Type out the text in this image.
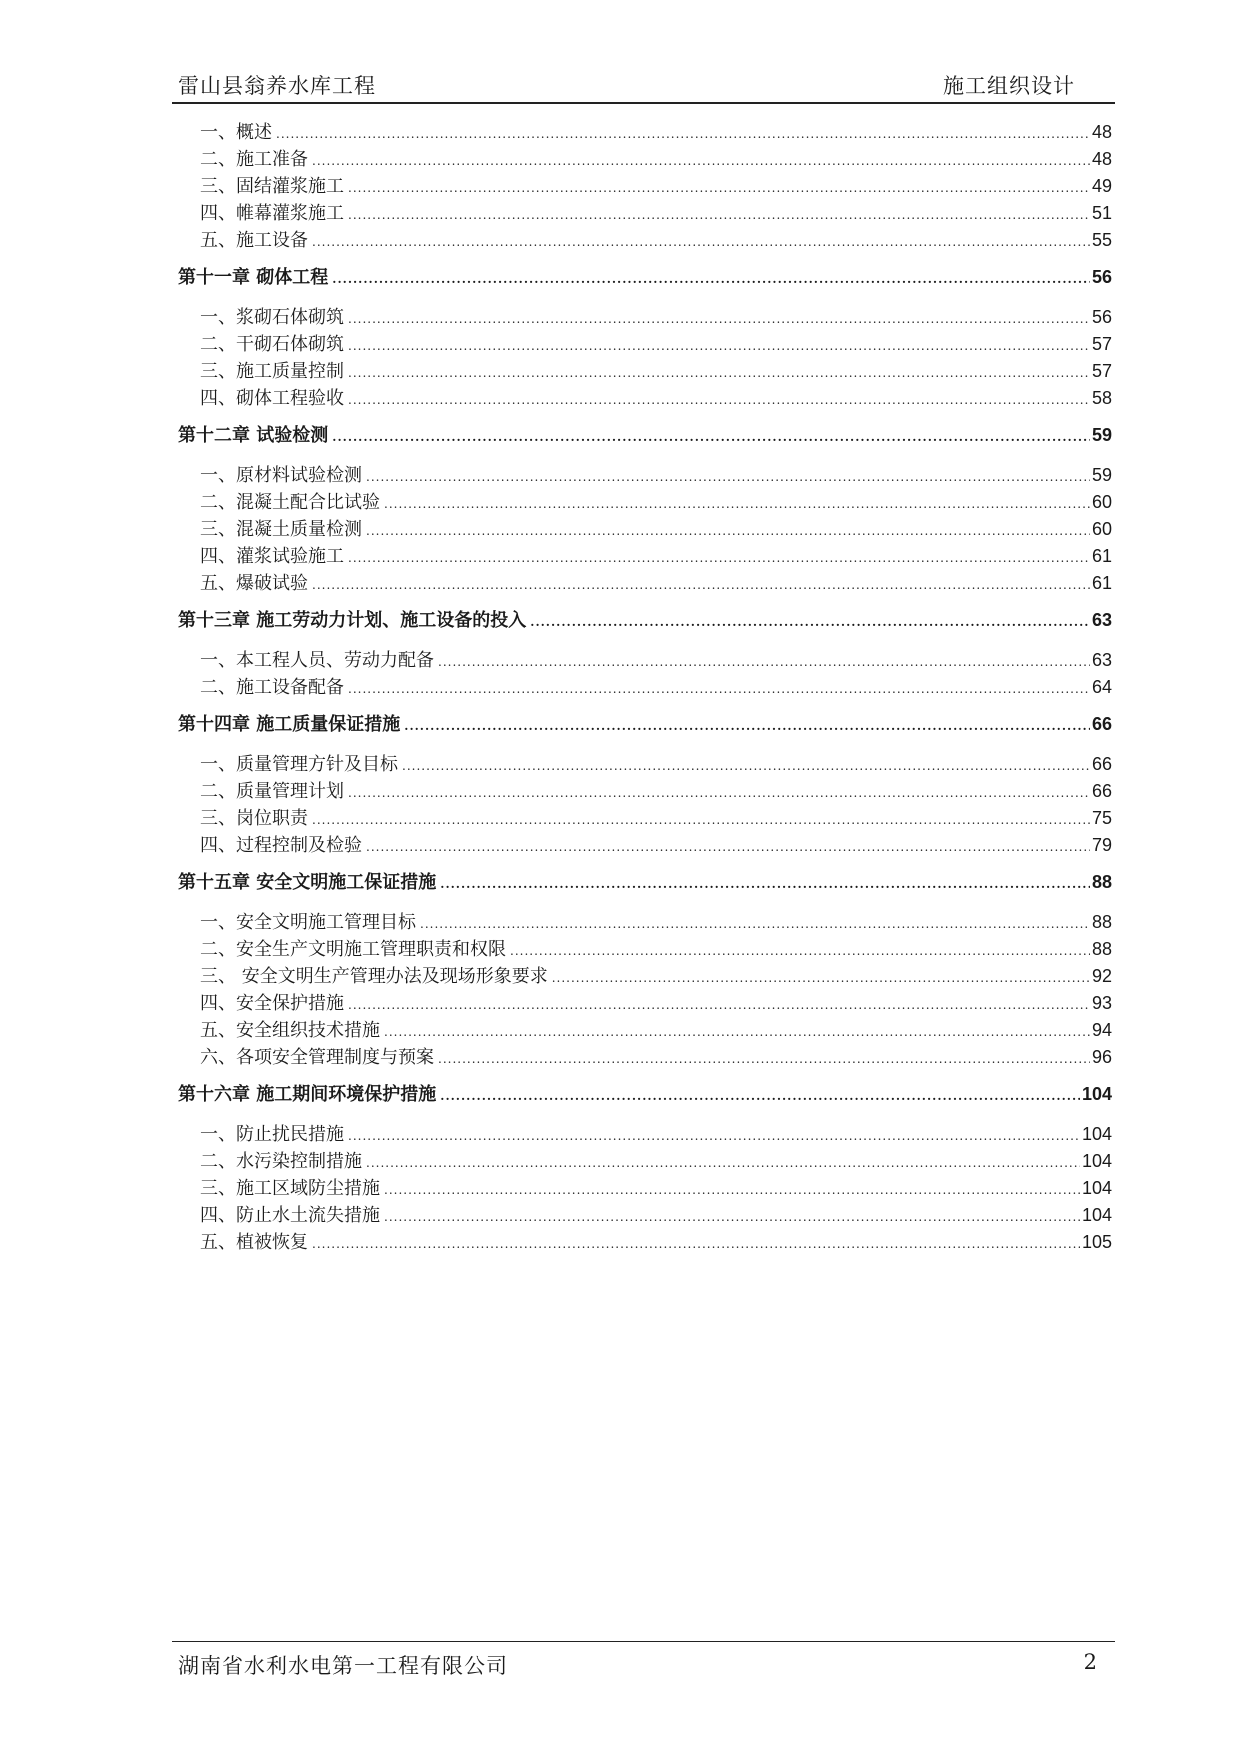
雷山县翁养水库工程	施工组织设计
一、概述 .....	48
二、施工准备 .....	48
三、固结灌浆施工 .....	49
四、帷幕灌浆施工 .....	51
五、施工设备 .....	55
第十一章 砌体工程 .....	56
一、浆砌石体砌筑 .....	56
二、干砌石体砌筑 .....	57
三、施工质量控制 .....	57
四、砌体工程验收 .....	58
第十二章 试验检测 .....	59
一、原材料试验检测 .....	59
二、混凝土配合比试验 .....	60
三、混凝土质量检测 .....	60
四、灌浆试验施工 .....	61
五、爆破试验 .....	61
第十三章 施工劳动力计划、施工设备的投入 .....	63
一、本工程人员、劳动力配备 .....	63
二、施工设备配备 .....	64
第十四章 施工质量保证措施 .....	66
一、质量管理方针及目标 .....	66
二、质量管理计划 .....	66
三、岗位职责 .....	75
四、过程控制及检验 .....	79
第十五章 安全文明施工保证措施 .....	88
一、安全文明施工管理目标 .....	88
二、安全生产文明施工管理职责和权限 .....	88
三、 安全文明生产管理办法及现场形象要求 .....	92
四、安全保护措施 .....	93
五、安全组织技术措施 .....	94
六、各项安全管理制度与预案 .....	96
第十六章 施工期间环境保护措施 .....	104
一、防止扰民措施 .....	104
二、水污染控制措施 .....	104
三、施工区域防尘措施 .....	104
四、防止水土流失措施 .....	104
五、植被恢复 .....	105
湖南省水利水电第一工程有限公司	2
